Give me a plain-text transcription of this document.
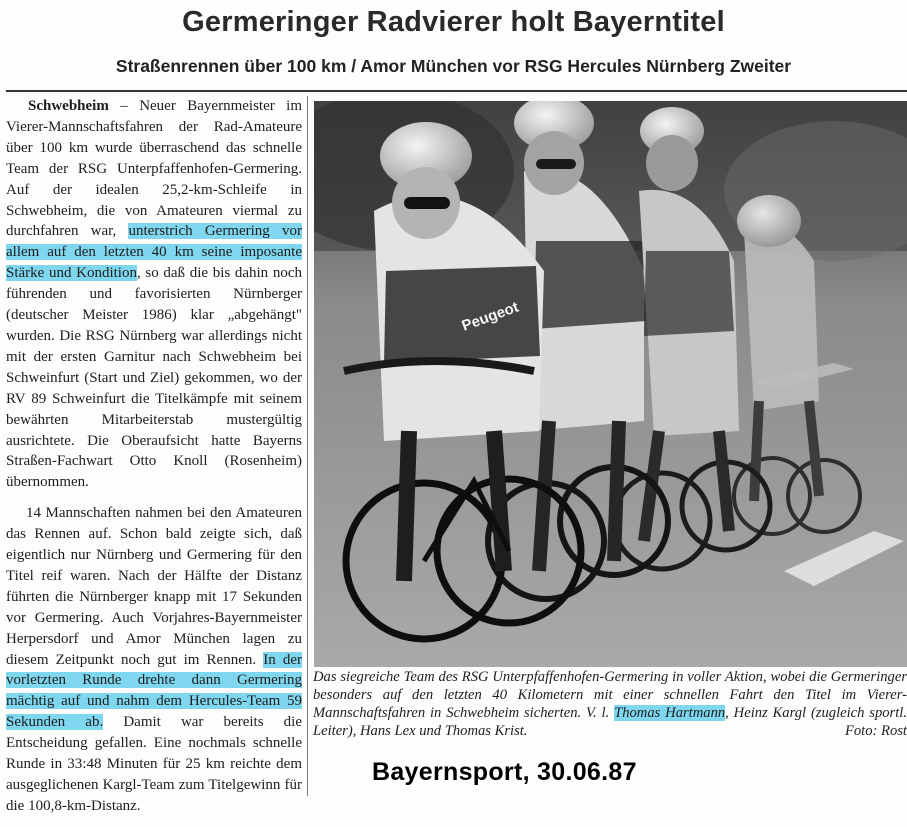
Germeringer Radvierer holt Bayerntitel
Straßenrennen über 100 km / Amor München vor RSG Hercules Nürnberg Zweiter

Schwebheim – Neuer Bayernmeister im Vierer-Mannschaftsfahren der Rad-Amateure über 100 km wurde überraschend das schnelle Team der RSG Unterpfaffenhofen-Germering. Auf der idealen 25,2-km-Schleife in Schwebheim, die von Amateuren viermal zu durchfahren war, unterstrich Germering vor allem auf den letzten 40 km seine imposante Stärke und Kondition, so daß die bis dahin noch führenden und favorisierten Nürnberger (deutscher Meister 1986) klar „abgehängt" wurden. Die RSG Nürnberg war allerdings nicht mit der ersten Garnitur nach Schwebheim bei Schweinfurt (Start und Ziel) gekommen, wo der RV 89 Schweinfurt die Titelkämpfe mit seinem bewährten Mitarbeiterstab mustergültig ausrichtete. Die Oberaufsicht hatte Bayerns Straßen-Fachwart Otto Knoll (Rosenheim) übernommen.

14 Mannschaften nahmen bei den Amateuren das Rennen auf. Schon bald zeigte sich, daß eigentlich nur Nürnberg und Germering für den Titel reif waren. Nach der Hälfte der Distanz führten die Nürnberger knapp mit 17 Sekunden vor Germering. Auch Vorjahres-Bayernmeister Herpersdorf und Amor München lagen zu diesem Zeitpunkt noch gut im Rennen. In der vorletzten Runde drehte dann Germering mächtig auf und nahm dem Hercules-Team 59 Sekunden ab. Damit war bereits die Entscheidung gefallen. Eine nochmals schnelle Runde in 33:48 Minuten für 25 km reichte dem ausgeglichenen Kargl-Team zum Titelgewinn für die 100,8-km-Distanz.

Peugeot
Das siegreiche Team des RSG Unterpfaffenhofen-Germering in voller Aktion, wobei die Germeringer besonders auf den letzten 40 Kilometern mit einer schnellen Fahrt den Titel im Vierer-Mannschaftsfahren in Schwebheim sicherten. V. l. Thomas Hartmann, Heinz Kargl (zugleich sportl. Leiter), Hans Lex und Thomas Krist.	Foto: Rost
Bayernsport, 30.06.87
